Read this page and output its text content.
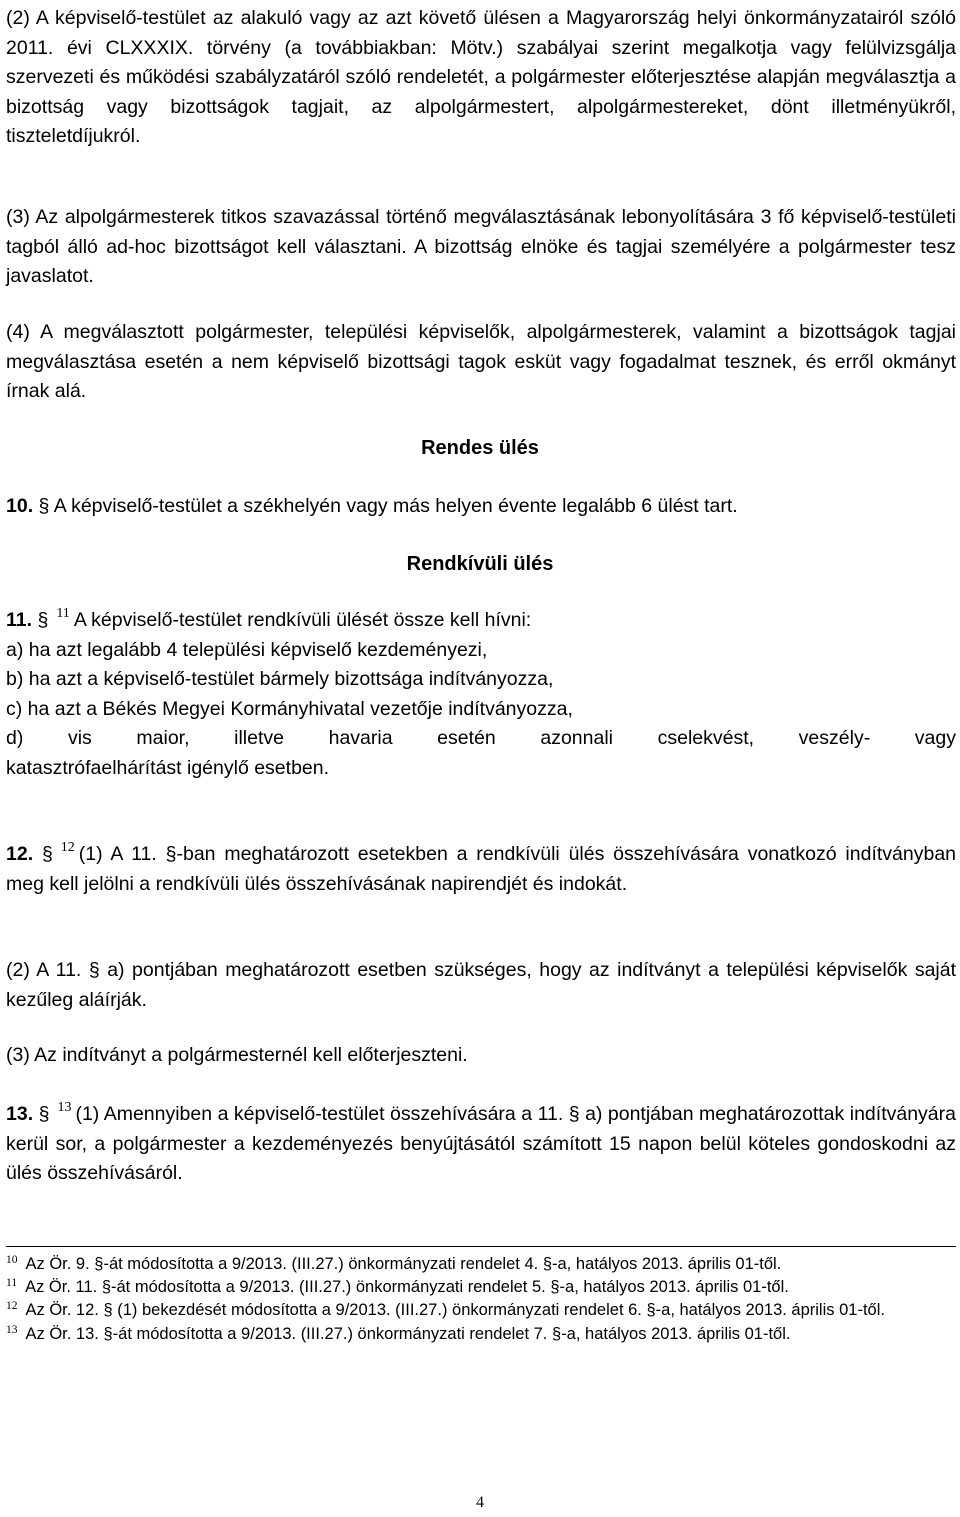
(2) A képviselő-testület az alakuló vagy az azt követő ülésen a Magyarország helyi önkormányzatairól szóló 2011. évi CLXXXIX. törvény (a továbbiakban: Mötv.) szabályai szerint megalkotja vagy felülvizsgálja szervezeti és működési szabályzatáról szóló rendeletét, a polgármester előterjesztése alapján megválasztja a bizottság vagy bizottságok tagjait, az alpolgármestert, alpolgármestereket, dönt illetményükről, tiszteletdíjukról.

(3) Az alpolgármesterek titkos szavazással történő megválasztásának lebonyolítására 3 fő képviselő-testületi tagból álló ad-hoc bizottságot kell választani. A bizottság elnöke és tagjai személyére a polgármester tesz javaslatot.

(4) A megválasztott polgármester, települési képviselők, alpolgármesterek, valamint a bizottságok tagjai megválasztása esetén a nem képviselő bizottsági tagok esküt vagy fogadalmat tesznek, és erről okmányt írnak alá.

Rendes ülés

10. § A képviselő-testület a székhelyén vagy más helyen évente legalább 6 ülést tart.

Rendkívüli ülés

11. § $^{11}$ A képviselő-testület rendkívüli ülését össze kell hívni:
a) ha azt legalább 4 települési képviselő kezdeményezi,
b) ha azt a képviselő-testület bármely bizottsága indítványozza,
c) ha azt a Békés Megyei Kormányhivatal vezetője indítványozza,
d) vis maior, illetve havaria esetén azonnali cselekvést, veszély- vagy
katasztrófaelhárítást igénylő esetben.

12. § $^{12}$ (1) A 11. §-ban meghatározott esetekben a rendkívüli ülés összehívására vonatkozó indítványban meg kell jelölni a rendkívüli ülés összehívásának napirendjét és indokát.

(2) A 11. § a) pontjában meghatározott esetben szükséges, hogy az indítványt a települési képviselők saját kezűleg aláírják.

(3) Az indítványt a polgármesternél kell előterjeszteni.

13. § $^{13}$ (1) Amennyiben a képviselő-testület összehívására a 11. § a) pontjában meghatározottak indítványára kerül sor, a polgármester a kezdeményezés benyújtásától számított 15 napon belül köteles gondoskodni az ülés összehívásáról.

$^{10}$ Az Ör. 9. §-át módosította a 9/2013. (III.27.) önkormányzati rendelet 4. §-a, hatályos 2013. április 01-től.

$^{11}$ Az Ör. 11. §-át módosította a 9/2013. (III.27.) önkormányzati rendelet 5. §-a, hatályos 2013. április 01-től.

$^{12}$ Az Ör. 12. § (1) bekezdését módosította a 9/2013. (III.27.) önkormányzati rendelet 6. §-a, hatályos 2013. április 01-től.

$^{13}$ Az Ör. 13. §-át módosította a 9/2013. (III.27.) önkormányzati rendelet 7. §-a, hatályos 2013. április 01-től.

4
